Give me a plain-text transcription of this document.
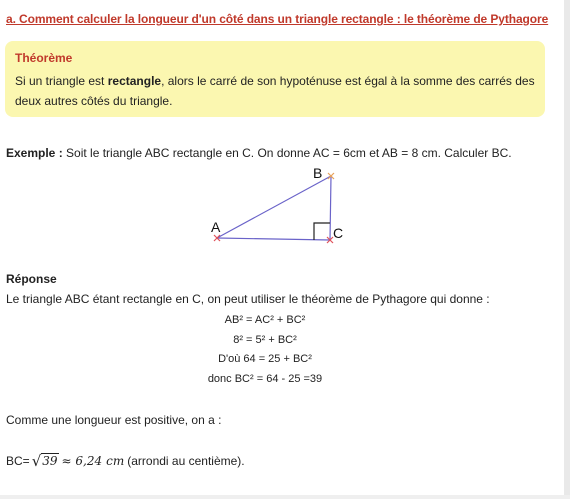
a. Comment calculer la longueur d'un côté dans un triangle rectangle : le théorème de Pythagore
Théorème
Si un triangle est rectangle, alors le carré de son hypoténuse est égal à la somme des carrés des deux autres côtés du triangle.
Exemple : Soit le triangle ABC rectangle en C. On donne AC = 6cm et AB = 8 cm. Calculer BC.
A
B
C
Réponse
Le triangle ABC étant rectangle en C, on peut utiliser le théorème de Pythagore qui donne :
AB² = AC² + BC²
8² = 5² + BC²
D'où 64 = 25 + BC²
donc BC² = 64 - 25 =39
Comme une longueur est positive, on a :
BC= √ 39 ≈ 6,24 cm (arrondi au centième).
